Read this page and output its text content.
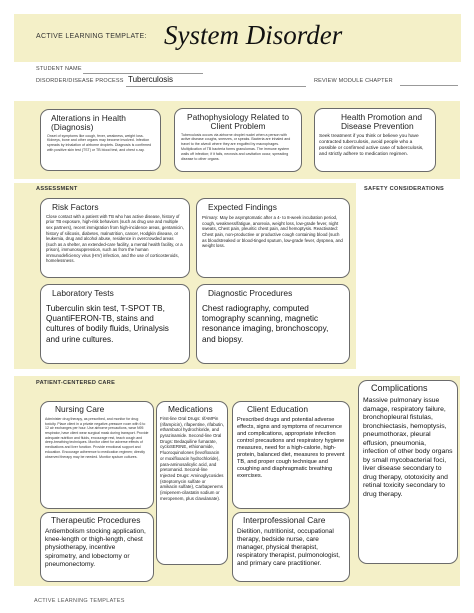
ACTIVE LEARNING TEMPLATE: System Disorder
STUDENT NAME
DISORDER/DISEASE PROCESS Tuberculosis	REVIEW MODULE CHAPTER
Alterations in Health (Diagnosis)
Onset of symptoms like cough, fever, weakness, weight loss. Kidneys, bone and other organs may become involved. Infection spreads by inhalation of airborne droplets. Diagnosis is confirmed with positive skin test (TST) or TB blood test, and chest x-ray.
Pathophysiology Related to Client Problem
Tuberculosis occurs via airborne droplet nuclei when a person with active disease coughs, sneezes, or speaks. Bacteria are inhaled and travel to the alveoli where they are engulfed by macrophages. Multiplication of TB bacteria forms granulomas. The immune system walls off infection; if it fails, necrosis and cavitation occur, spreading disease to other organs.
Health Promotion and Disease Prevention
Seek treatment if you think or believe you have contracted tuberculosis, avoid people who a possible or confirmed active case of tuberculosis, and strictly adhere to medication regimen.
ASSESSMENT	SAFETY CONSIDERATIONS
Risk Factors
Close contact with a patient with TB who has active disease, history of prior TB exposure, high-risk behaviors (such as drug use and multiple sex partners), recent immigration from high-incidence areas, gentamicin, history of silicosis, diabetes, malnutrition, cancer, Hodgkin disease, or leukemia, drug and alcohol abuse, residence in overcrowded areas (such as a shelter, an extended-care facility, a mental health facility, or a prison), immunosuppression, such as from the human immunodeficiency virus (HIV) infection, and the use of corticosteroids, homelessness.
Expected Findings
Primary: May be asymptomatic after a 4- to 8-week incubation period, cough, weakness/fatigue, anorexia, weight loss, low-grade fever, night sweats, Chest pain, pleuritic chest pain, and hemoptysis. Reactivated: Chest pain, non-productive or productive cough containing blood (such as bloodstreaked or blood-tinged sputum, low-grade fever, dyspnea, and weight loss.
Laboratory Tests
Tuberculin skin test, T-SPOT TB, QuantiFERON-TB, stains and cultures of bodily fluids, Urinalysis and urine cultures.
Diagnostic Procedures
Chest radiography, computed tomography scanning, magnetic resonance imaging, bronchoscopy, and biopsy.
PATIENT-CENTERED CARE
Nursing Care
Administer drug therapy, as prescribed, and monitor for drug toxicity. Place client in a private negative-pressure room with 6 to 12 air exchanges per hour. Use airborne precautions, wear N95 respirator, have client wear surgical mask during transport. Provide adequate nutrition and fluids, encourage rest, teach cough and deep-breathing techniques. Monitor client for adverse effects of medications and liver function. Provide emotional support and education. Encourage adherence to medication regimen; directly observed therapy may be needed. Monitor sputum cultures.
Medications
First-line Oral Drugs: rifAMPin (rifampicin), rifapentine, rifabutin, ethambutol hydrochloride, and pyrazinamide. Second-line Oral Drugs: Bedaquiline fumarate, cycloSERINE, ethionamide, Fluoroquinolones (levofloxacin or moxifloxacin hydrochloride), para-aminosalicylic acid, and pretomanid. Second-line Injected Drugs: Aminoglycosides (streptomycin sulfate or amikacin sulfate), Carbapenems (imipenem-cilastatin sodium or meropenem, plus clavulanate).
Client Education
Prescribed drugs and potential adverse effects, signs and symptoms of recurrence and complications, appropriate infection control precautions and respiratory hygiene measures, need for a high-calorie, high-protein, balanced diet, measures to prevent TB, and proper cough technique and coughing and diaphragmatic breathing exercises.
Therapeutic Procedures
Antiembolism stocking application, knee-length or thigh-length, chest physiotherapy, incentive spirometry, and lobectomy or pneumonectomy.
Interprofessional Care
Dietition, nutritionist, occupational therapy, bedside nurse, care manager, physical therapist, respiratory therapist, pulmonologist, and primary care practitioner.
Complications
Massive pulmonary issue damage, respiratory failure, bronchopleural fistulas, bronchiectasis, hemoptysis, pneumothorax, pleural effusion, pneumonia, infection of other body organs by small mycobacterial foci, liver disease secondary to drug therapy, ototoxicity and retinal toxicity secondary to drug therapy.
ACTIVE LEARNING TEMPLATES
